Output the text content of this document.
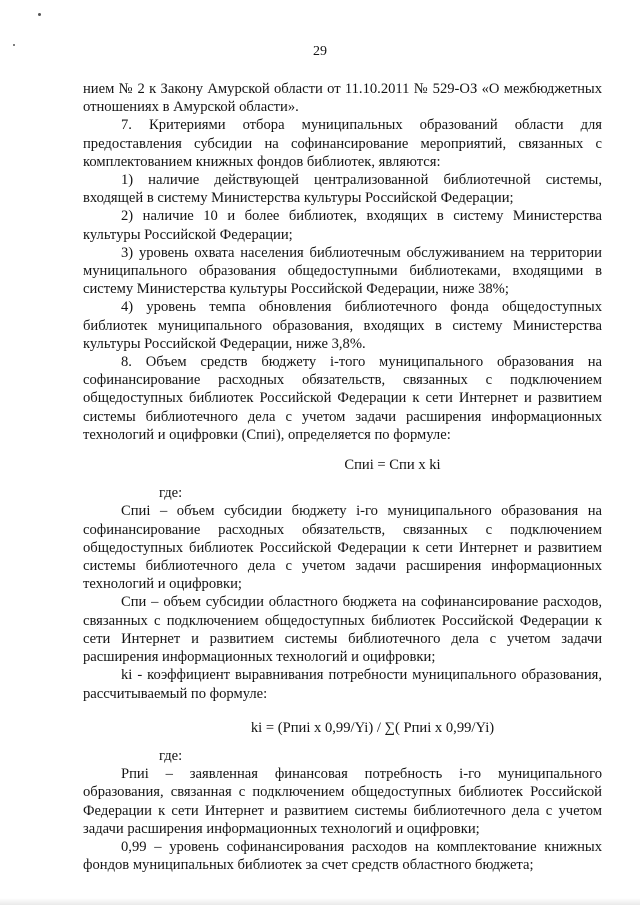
29

нием № 2 к Закону Амурской области от 11.10.2011 № 529-ОЗ «О межбюджетных отношениях в Амурской области».

7. Критериями отбора муниципальных образований области для предоставления субсидии на софинансирование мероприятий, связанных с комплектованием книжных фондов библиотек, являются:

1) наличие действующей централизованной библиотечной системы, входящей в систему Министерства культуры Российской Федерации;

2) наличие 10 и более библиотек, входящих в систему Министерства культуры Российской Федерации;

3) уровень охвата населения библиотечным обслуживанием на территории муниципального образования общедоступными библиотеками, входящими в систему Министерства культуры Российской Федерации, ниже 38%;

4) уровень темпа обновления библиотечного фонда общедоступных библиотек муниципального образования, входящих в систему Министерства культуры Российской Федерации, ниже 3,8%.

8. Объем средств бюджету i-того муниципального образования на софинансирование расходных обязательств, связанных с подключением общедоступных библиотек Российской Федерации к сети Интернет и развитием системы библиотечного дела с учетом задачи расширения информационных технологий и оцифровки (Спиi), определяется по формуле:

Спиi = Спи x ki

где:

Спиi – объем субсидии бюджету i-го муниципального образования на софинансирование расходных обязательств, связанных с подключением общедоступных библиотек Российской Федерации к сети Интернет и развитием системы библиотечного дела с учетом задачи расширения информационных технологий и оцифровки;

Спи – объем субсидии областного бюджета на софинансирование расходов, связанных с подключением общедоступных библиотек Российской Федерации к сети Интернет и развитием системы библиотечного дела с учетом задачи расширения информационных технологий и оцифровки;

ki - коэффициент выравнивания потребности муниципального образования, рассчитываемый по формуле:

ki = (Рпиi x 0,99/Yi) / ∑( Рпиi x 0,99/Yi)

где:

Рпиi – заявленная финансовая потребность i-го муниципального образования, связанная с подключением общедоступных библиотек Российской Федерации к сети Интернет и развитием системы библиотечного дела с учетом задачи расширения информационных технологий и оцифровки;

0,99 – уровень софинансирования расходов на комплектование книжных фондов муниципальных библиотек за счет средств областного бюджета;
